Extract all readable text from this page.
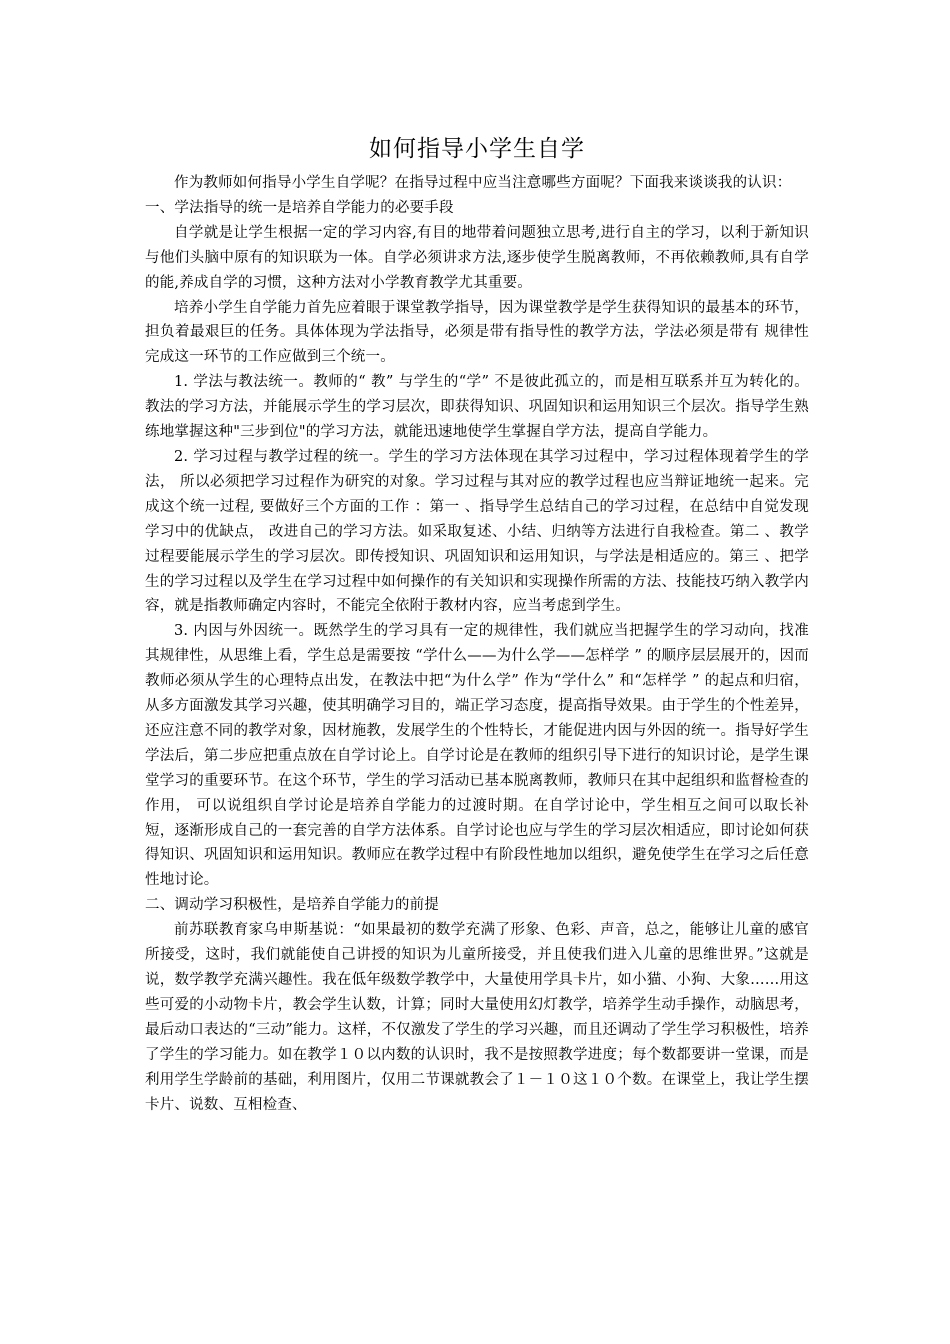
如何指导小学生自学

作为教师如何指导小学生自学呢？在指导过程中应当注意哪些方面呢？下面我来谈谈我的认识：

一、学法指导的统一是培养自学能力的必要手段

自学就是让学生根据一定的学习内容,有目的地带着问题独立思考,进行自主的学习，以利于新知识与他们头脑中原有的知识联为一体。自学必须讲求方法,逐步使学生脱离教师，不再依赖教师,具有自学的能,养成自学的习惯，这种方法对小学教育教学尤其重要。

培养小学生自学能力首先应着眼于课堂教学指导，因为课堂教学是学生获得知识的最基本的环节，担负着最艰巨的任务。具体体现为学法指导，必须是带有指导性的教学方法，学法必须是带有 规律性完成这一环节的工作应做到三个统一。

1. 学法与教法统一。教师的“ 教” 与学生的“学” 不是彼此孤立的，而是相互联系并互为转化的。教法的学习方法，并能展示学生的学习层次，即获得知识、巩固知识和运用知识三个层次。指导学生熟练地掌握这种"三步到位"的学习方法，就能迅速地使学生掌握自学方法，提高自学能力。

2. 学习过程与教学过程的统一。学生的学习方法体现在其学习过程中，学习过程体现着学生的学法， 所以必须把学习过程作为研究的对象。学习过程与其对应的教学过程也应当辩证地统一起来。完成这个统一过程, 要做好三个方面的工作 ：第一 、指导学生总结自己的学习过程，在总结中自觉发现学习中的优缺点， 改进自己的学习方法。如采取复述、小结、归纳等方法进行自我检查。第二 、教学过程要能展示学生的学习层次。即传授知识、巩固知识和运用知识，与学法是相适应的。第三 、把学生的学习过程以及学生在学习过程中如何操作的有关知识和实现操作所需的方法、技能技巧纳入教学内容，就是指教师确定内容时，不能完全依附于教材内容，应当考虑到学生。

3. 内因与外因统一。既然学生的学习具有一定的规律性，我们就应当把握学生的学习动向，找准其规律性，从思维上看，学生总是需要按 “学什么——为什么学——怎样学 ” 的顺序层层展开的，因而教师必须从学生的心理特点出发，在教法中把“为什么学” 作为“学什么” 和“怎样学 ” 的起点和归宿，从多方面激发其学习兴趣，使其明确学习目的，端正学习态度，提高指导效果。由于学生的个性差异，还应注意不同的教学对象，因材施教，发展学生的个性特长，才能促进内因与外因的统一。指导好学生学法后，第二步应把重点放在自学讨论上。自学讨论是在教师的组织引导下进行的知识讨论，是学生课堂学习的重要环节。在这个环节，学生的学习活动已基本脱离教师，教师只在其中起组织和监督检查的作用， 可以说组织自学讨论是培养自学能力的过渡时期。在自学讨论中，学生相互之间可以取长补短，逐渐形成自己的一套完善的自学方法体系。自学讨论也应与学生的学习层次相适应，即讨论如何获得知识、巩固知识和运用知识。教师应在教学过程中有阶段性地加以组织，避免使学生在学习之后任意性地讨论。

二、调动学习积极性，是培养自学能力的前提

前苏联教育家乌申斯基说：“如果最初的数学充满了形象、色彩、声音，总之，能够让儿童的感官所接受，这时，我们就能使自己讲授的知识为儿童所接受，并且使我们进入儿童的思维世界。”这就是说，数学教学充满兴趣性。我在低年级数学教学中，大量使用学具卡片，如小猫、小狗、大象……用这些可爱的小动物卡片，教会学生认数，计算；同时大量使用幻灯教学，培养学生动手操作，动脑思考，最后动口表达的“三动”能力。这样，不仅激发了学生的学习兴趣，而且还调动了学生学习积极性，培养了学生的学习能力。如在教学１０以内数的认识时，我不是按照教学进度；每个数都要讲一堂课，而是利用学生学龄前的基础，利用图片，仅用二节课就教会了１－１０这１０个数。在课堂上，我让学生摆卡片、说数、互相检查、
